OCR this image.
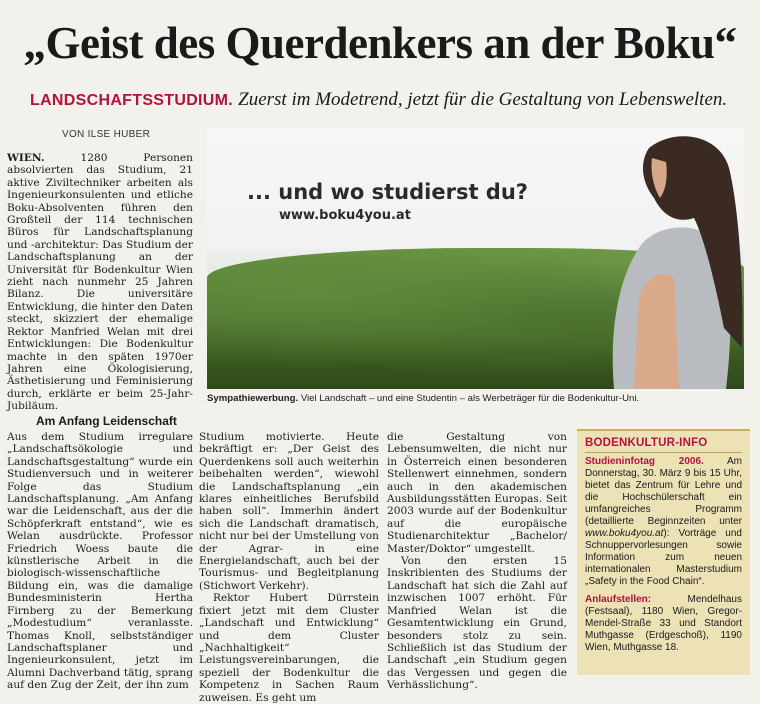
„Geist des Querdenkers an der Boku“
LANDSCHAFTSSTUDIUM. Zuerst im Modetrend, jetzt für die Gestaltung von Lebenswelten.
VON ILSE HUBER
WIEN.	1280 Personen absolvierten das Studium, 21 aktive Ziviltechniker arbeiten als Ingenieurkonsulenten und etliche Boku-Absolventen führen den Großteil der 114 technischen Büros für Landschaftsplanung und -architektur: Das Studium der Landschaftsplanung an der Universität für Bodenkultur Wien zieht nach nunmehr 25 Jahren Bilanz. Die universitäre Entwicklung, die hinter den Daten steckt, skizziert der ehemalige Rektor Manfried Welan mit drei Entwicklungen: Die Bodenkultur machte in den späten 1970er Jahren eine Ökologisierung, Ästhetisierung und Feminisierung durch, erklärte er beim 25-Jahr-Jubiläum.
... und wo studierst du?
www.boku4you.at
Sympathiewerbung. Viel Landschaft – und eine Studentin – als Werbeträger für die Bodenkultur-Uni.
Am Anfang Leidenschaft
Aus dem Studium irregulare „Landschaftsökologie und Landschaftsgestaltung“ wurde ein Studienversuch und in weiterer Folge das Studium Landschaftsplanung. „Am Anfang war die Leidenschaft, aus der die Schöpferkraft entstand“, wie es Welan ausdrückte. Professor Friedrich Woess baute die künstlerische Arbeit in die biologisch-wissenschaftliche Bildung ein, was die damalige Bundesministerin Hertha Firnberg zu der Bemerkung „Modestudium“ veranlasste. Thomas Knoll, selbstständiger Landschaftsplaner und Ingenieurkonsulent, jetzt im Alumni Dachverband tätig, sprang auf den Zug der Zeit, der ihn zum

Studium motivierte. Heute bekräftigt er: „Der Geist des Querdenkens soll auch weiterhin beibehalten werden“, wiewohl die Landschaftsplanung „ein klares einheitliches Berufsbild haben soll“. Immerhin ändert sich die Landschaft dramatisch, nicht nur bei der Umstellung von der Agrar- in eine Energielandschaft, auch bei der Tourismus- und Begleitplanung (Stichwort Verkehr).

Rektor Hubert Dürrstein fixiert jetzt mit dem Cluster „Landschaft und Entwicklung“ und dem Cluster „Nachhaltigkeit“ Leistungsvereinbarungen, die speziell der Bodenkultur die Kompetenz in Sachen Raum zuweisen. Es geht um

die Gestaltung von Lebensumwelten, die nicht nur in Österreich einen besonderen Stellenwert einnehmen, sondern auch in den akademischen Ausbildungsstätten Europas. Seit 2003 wurde auf der Bodenkultur auf die europäische Studienarchitektur „Bachelor/ Master/Doktor“ umgestellt.

Von den ersten 15 Inskribienten des Studiums der Landschaft hat sich die Zahl auf inzwischen 1007 erhöht. Für Manfried Welan ist die Gesamtentwicklung ein Grund, besonders stolz zu sein. Schließlich ist das Studium der Landschaft „ein Studium gegen das Vergessen und gegen die Verhässlichung“.

BODENKULTUR-INFO

Studieninfotag 2006. Am Donnerstag, 30. März 9 bis 15 Uhr, bietet das Zentrum für Lehre und die Hochschülerschaft ein umfangreiches Programm (detaillierte Beginnzeiten unter www.boku4you.at): Vorträge und Schnuppervorlesungen sowie Information zum neuen internationalen Masterstudium „Safety in the Food Chain“.

Anlaufstellen:	Mendelhaus (Festsaal), 1180 Wien, Gregor-Mendel-Straße 33 und Standort Muthgasse (Erdgeschoß), 1190 Wien, Muthgasse 18.
